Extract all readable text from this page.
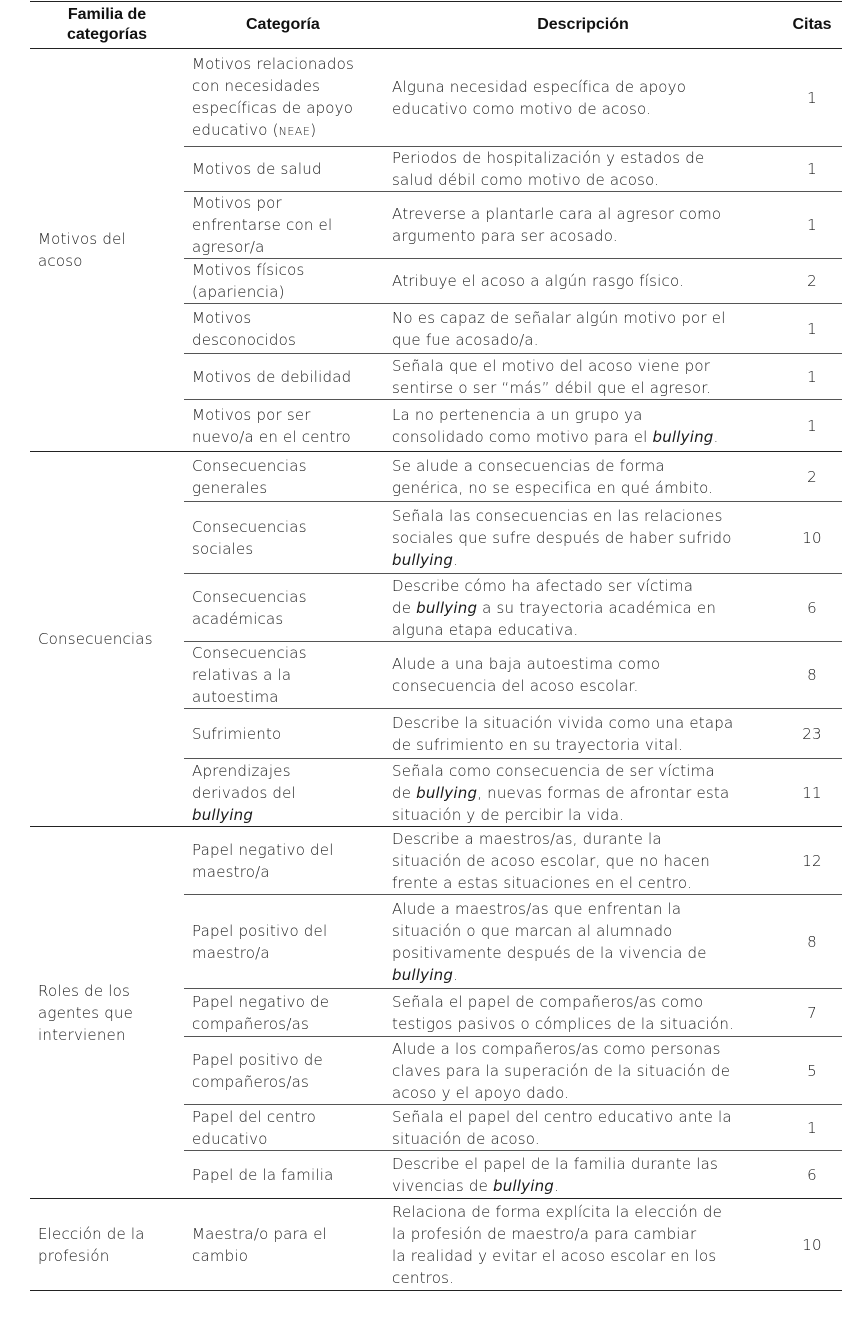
Familia de
categorías	Categoría	Descripción	Citas

Motivos del
acoso	Motivos relacionados
con necesidades
específicas de apoyo
educativo (NEAE)	Alguna necesidad específica de apoyo
educativo como motivo de acoso.	1

	Motivos de salud	Periodos de hospitalización y estados de
salud débil como motivo de acoso.	1

	Motivos por
enfrentarse con el
agresor/a	Atreverse a plantarle cara al agresor como
argumento para ser acosado.	1

	Motivos físicos
(apariencia)	Atribuye el acoso a algún rasgo físico.	2

	Motivos
desconocidos	No es capaz de señalar algún motivo por el
que fue acosado/a.	1

	Motivos de debilidad	Señala que el motivo del acoso viene por
sentirse o ser “más” débil que el agresor.	1

	Motivos por ser
nuevo/a en el centro	La no pertenencia a un grupo ya
consolidado como motivo para el bullying.	1

Consecuencias	Consecuencias
generales	Se alude a consecuencias de forma
genérica, no se especifica en qué ámbito.	2

	Consecuencias
sociales	Señala las consecuencias en las relaciones
sociales que sufre después de haber sufrido
bullying.	10

	Consecuencias
académicas	Describe cómo ha afectado ser víctima
de bullying a su trayectoria académica en
alguna etapa educativa.	6

	Consecuencias
relativas a la
autoestima	Alude a una baja autoestima como
consecuencia del acoso escolar.	8

	Sufrimiento	Describe la situación vivida como una etapa
de sufrimiento en su trayectoria vital.	23

	Aprendizajes
derivados del
bullying	Señala como consecuencia de ser víctima
de bullying, nuevas formas de afrontar esta
situación y de percibir la vida.	11

Roles de los
agentes que
intervienen	Papel negativo del
maestro/a	Describe a maestros/as, durante la
situación de acoso escolar, que no hacen
frente a estas situaciones en el centro.	12

	Papel positivo del
maestro/a	Alude a maestros/as que enfrentan la
situación o que marcan al alumnado
positivamente después de la vivencia de
bullying.	8

	Papel negativo de
compañeros/as	Señala el papel de compañeros/as como
testigos pasivos o cómplices de la situación.	7

	Papel positivo de
compañeros/as	Alude a los compañeros/as como personas
claves para la superación de la situación de
acoso y el apoyo dado.	5

	Papel del centro
educativo	Señala el papel del centro educativo ante la
situación de acoso.	1

	Papel de la familia	Describe el papel de la familia durante las
vivencias de bullying.	6

Elección de la
profesión	Maestra/o para el
cambio	Relaciona de forma explícita la elección de
la profesión de maestro/a para cambiar
la realidad y evitar el acoso escolar en los
centros.	10
